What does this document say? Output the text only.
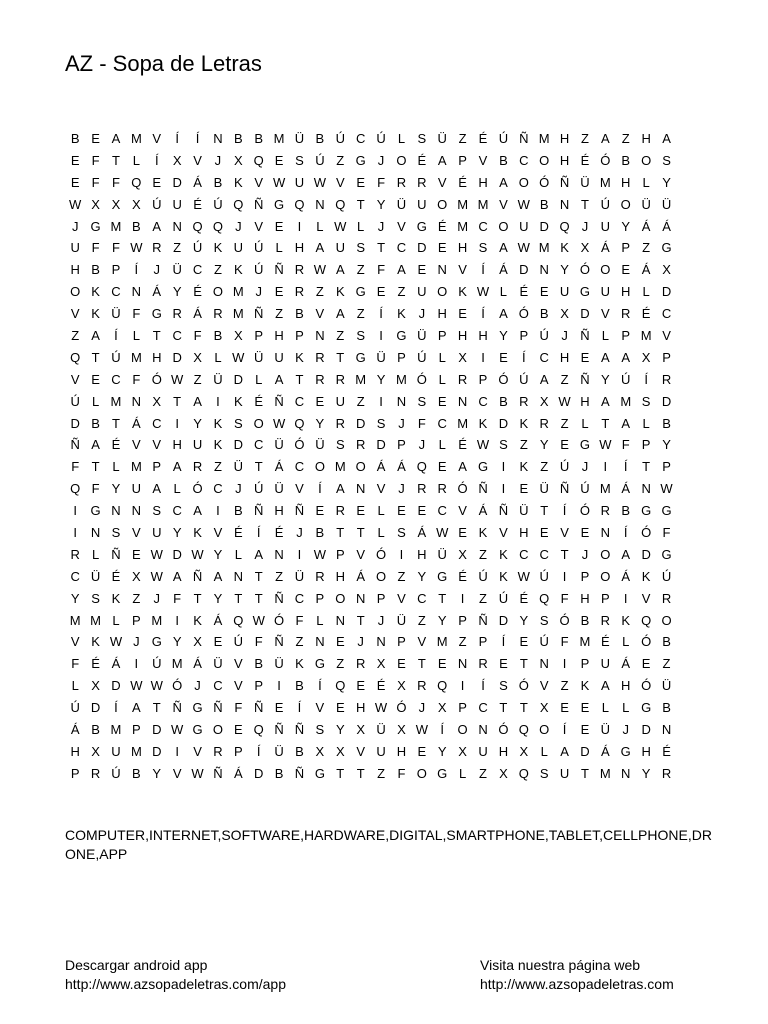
AZ - Sopa de Letras
B E A M V	Í	Í	N B B M Ü B Ú C Ú L S Ü Z É Ú Ñ M H Z A Z H A
E F T L	Í	X V J X Q E S Ú Z G J O É A P V B C O H É Ó B O S
E F F Q E D Á B K V W U W V E F R R V É H A O Ó Ñ Ü M H L Y
W X X X Ú U É Ú Q Ñ G Q N Q T Y Ü U O M M V W B N T Ú O Ü Ü
J G M B A N Q Q J V E	I	L W L	J V G É M C O U D Q J U Y Á Á
U F F W R Z Ú K U Ú L H A U S T C D E H S A W M K X Á P Z G
H B P	Í	J Ü C Z K Ú Ñ R W A Z F A E N V	Í	Á D N Y Ó O E Á X
O K C N Á Y É O M J E R Z K G E Z U O K W L É E U G U H L D
V K Ü F G R Á R M Ñ Z B V A Z	Í	K J H E	Í	A Ó B X D V R É C
Z A	Í	L T C F B X P H P N Z S	I	G Ü P H H Y P Ú J Ñ L P M V
Q T Ú M H D X L W Ü U K R T G Ü P Ú L X	I	E	Í	C H E A A X P
V E C F Ó W Z Ü D L A T R R M Y M Ó L R P Ó Ú A Z Ñ Y Ú	Í	R
Ú L M N X T A	I	K É Ñ C E U Z	I	N S E N C B R X W H A M S D
D B T Á C	I	Y K S O W Q Y R D S J	F C M K D K R Z L T A L B
Ñ A É V V H U K D C Ü Ó Ü S R D P J	L É W S Z Y E G W F P Y
F T L M P A R Z Ü T Á C O M O Á Á Q E A G	I	K Z Ú J	I	Í	T P
Q F Y U A L Ó C J Ú Ü V	Í	A N V J R R Ó Ñ	I	E Ü Ñ Ú M Á N W
I	G N N S C A	I	B Ñ H Ñ E R E L E E C V Á Ñ Ü T	Í	Ó R B G G
I	N S V U Y K V É	Í	É J B T T L S Á W E K V H E V E N	Í	Ó F
R L Ñ E W D W Y L A N	I W P V Ó	I	H Ü X Z K C C T	J O A D G
C Ü É X W A Ñ A N T Z Ü R H Á O Z Y G É Ú K W Ú	I	P O Á K Ú
Y S K Z	J	F T Y T T Ñ C P O N P V C T	I	Z Ú É Q F H P	I	V R
M M L P M	I	K Á Q W Ó F L N T	J Ü Z Y P Ñ D Y S Ó B R K Q O
V K W J G Y X E Ú F Ñ Z N E J N P V M Z P	Í	E Ú F M É L Ó B
F É Á	I	Ú M Á Ü V B Ü K G Z R X E T E N R E T N	I	P U Á E Z
L X D W W Ó J C V P	I	B	Í	Q E É X R Q	I	Í	S Ó V Z K A H Ó Ü
Ú D	Í	A T Ñ G Ñ F Ñ E	Í	V E H W Ó J X P C T T X E E L	L G B
Á B M P D W G O E Q Ñ Ñ S Y X Ü X W Í	O N Ó Q O	Í	E Ü J D N
H X U M D	I	V R P	Í	Ü B X X V U H E Y X U H X L A D Á G H É
P R Ú B Y V W Ñ Á D B Ñ G T T Z F O G L Z X Q S U T M N Y R
COMPUTER,INTERNET,SOFTWARE,HARDWARE,DIGITAL,SMARTPHONE,TABLET,CELLPHONE,DRONE,APP
Descargar android app
http://www.azsopadeletras.com/app
Visita nuestra página web
http://www.azsopadeletras.com
